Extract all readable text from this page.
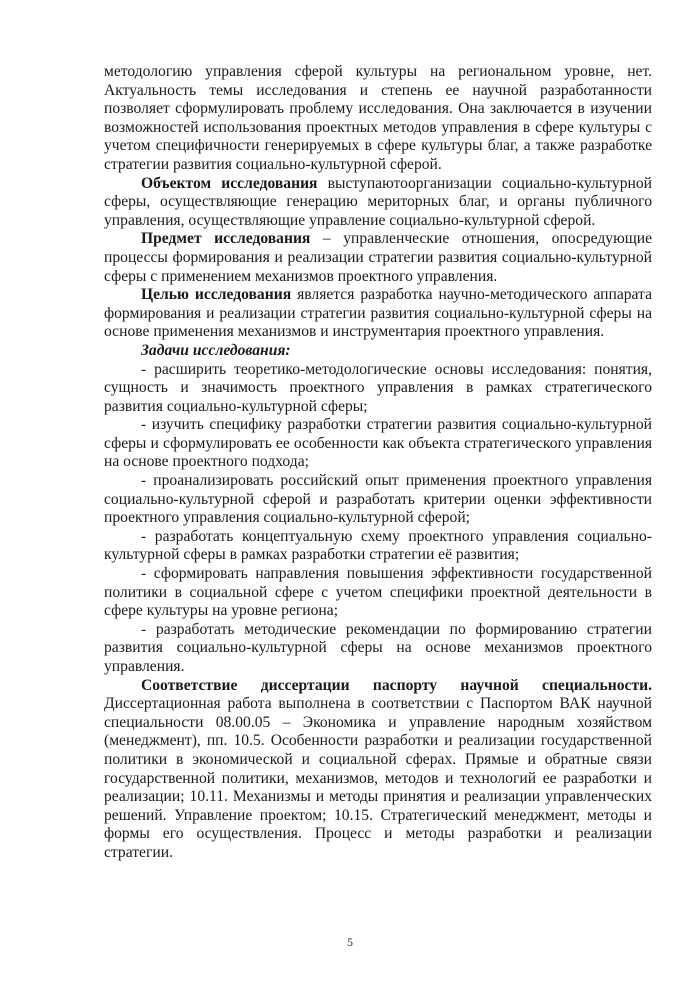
методологию управления сферой культуры на региональном уровне, нет. Актуальность темы исследования и степень ее научной разработанности позволяет сформулировать проблему исследования. Она заключается в изучении возможностей использования проектных методов управления в сфере культуры с учетом специфичности генерируемых в сфере культуры благ, а также разработке стратегии развития социально-культурной сферой.

Объектом исследования выступаютоорганизации социально-культурной сферы, осуществляющие генерацию мериторных благ, и органы публичного управления, осуществляющие управление социально-культурной сферой.

Предмет исследования – управленческие отношения, опосредующие процессы формирования и реализации стратегии развития социально-культурной сферы с применением механизмов проектного управления.

Целью исследования является разработка научно-методического аппарата формирования и реализации стратегии развития социально-культурной сферы на основе применения механизмов и инструментария проектного управления.

Задачи исследования:

- расширить теоретико-методологические основы исследования: понятия, сущность и значимость проектного управления в рамках стратегического развития социально-культурной сферы;

- изучить специфику разработки стратегии развития социально-культурной сферы и сформулировать ее особенности как объекта стратегического управления на основе проектного подхода;

- проанализировать российский опыт применения проектного управления социально-культурной сферой и разработать критерии оценки эффективности проектного управления социально-культурной сферой;

- разработать концептуальную схему проектного управления социально-культурной сферы в рамках разработки стратегии её развития;

- сформировать направления повышения эффективности государственной политики в социальной сфере с учетом специфики проектной деятельности в сфере культуры на уровне региона;

- разработать методические рекомендации по формированию стратегии развития социально-культурной сферы на основе механизмов проектного управления.

Соответствие диссертации паспорту научной специальности. Диссертационная работа выполнена в соответствии с Паспортом ВАК научной специальности 08.00.05 – Экономика и управление народным хозяйством (менеджмент), пп. 10.5. Особенности разработки и реализации государственной политики в экономической и социальной сферах. Прямые и обратные связи государственной политики, механизмов, методов и технологий ее разработки и реализации; 10.11. Механизмы и методы принятия и реализации управленческих решений. Управление проектом; 10.15. Стратегический менеджмент, методы и формы его осуществления. Процесс и методы разработки и реализации стратегии.

5
